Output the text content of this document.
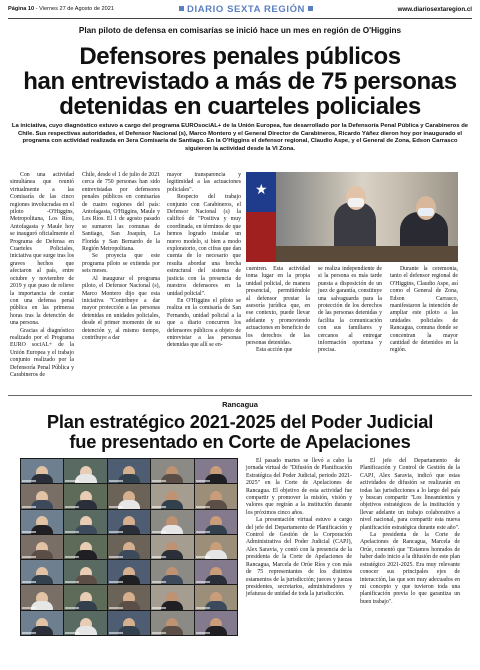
Página 10 - Viernes 27 de Agosto de 2021	DIARIO SEXTA REGIÓN	www.diariosextaregion.cl
Plan piloto de defensa en comisarías se inició hace un mes en región de O'Higgins
Defensores penales públicos
han entrevistado a más de 75 personas
detenidas en cuarteles policiales
La iniciativa, cuyo diagnóstico estuvo a cargo del programa EUROsociAL+ de la Unión Europea, fue desarrollado por la Defensoría Penal Pública y Carabineros de Chile. Sus respectivas autoridades, el Defensor Nacional (s), Marco Montero y el General Director de Carabineros, Ricardo Yáñez dieron hoy por inaugurado el programa con actividad realizada en 3era Comisaría de Santiago. En la O'Higgins el defensor regional, Claudio Aspe, y el General de Zona, Edson Carrasco siguieron la actividad desde la VI Zona.

Con una actividad simultánea que reunió virtualmente a las Comisaría de las cinco regiones involucradas en el piloto -O'Higgins, Metropolitana, Los Ríos, Antofagasta y Maule hoy se inauguró oficialmente el Programa de Defensa en Cuarteles Policiales, iniciativa que surge tras los graves hechos que afectaron al país, entre octubre y noviembre de 2019 y que puso de relieve la importancia de contar con una defensa penal pública en las primeras horas tras la detención de una persona.

Gracias al diagnóstico realizado por el Programa EURO sociAL+ de la Unión Europea y el trabajo conjunto realizado por la Defensoría Penal Pública y Carabineros de

Chile, desde el 1 de julio de 2021 cerca de 750 personas han sido entrevistadas por defensores penales públicos en comisarías de cuatro regiones del país: Antofagasta, O'Higgins, Maule y Los Ríos. El 1 de agosto pasado se sumaron las comunas de Santiago, San Joaquín, La Florida y San Bernardo de la Región Metropolitana.

Se proyecta que este programa piloto se extienda por seis meses.

Al inaugurar el programa piloto, el Defensor Nacional (s), Marco Montero dijo que esta iniciativa "Contribuye a dar mayor protección a las personas detenidas en unidades policiales, desde el primer momento de su detención y, al mismo tiempo, contribuye a dar

mayor transparencia y legitimidad a las actuaciones policiales".

Respecto del trabajo conjunto con Carabineros, el Defensor Nacional (s) la calificó de "Positiva y muy coordinada, en términos de que hemos logrado instalar un nuevo modelo, si bien a modo exploratorio, con cifras que dan cuenta de lo necesario que resulta abordar una brecha estructural del sistema de justicia con la presencia de nuestros defensores en la unidad policial".

En O'Higgins el piloto se realiza en la comisaría de San Fernando, unidad policial a la que a diario concurren los defensores públicos a objeto de entrevistar a las personas detenidas que allí se en-

★

cuentren. Esta actividad toma lugar en la propia unidad policial, de manera presencial, permitiéndole al defensor prestar la asesoría jurídica que, en ese contexto, puede llevar adelante y promoviendo actuaciones en beneficio de los derechos de las personas detenidas.

Esta acción que

se realiza independiente de si la persona es más tarde puesta a disposición de un juez de garantía, constituye una salvaguarda para la protección de los derechos de las personas detenidas y facilita la comunicación con sus familiares y cercanos al entregar información oportuna y precisa.

Durante la ceremonia, tanto el defensor regional de O'Higgins, Claudio Aspe, así como el General de Zona, Edson Carrasco, manifestaron la intención de ampliar este piloto a las unidades policiales de Rancagua, comuna donde se concentran la mayor cantidad de detenidos en la región.

Rancagua
Plan estratégico 2021-2025 del Poder Judicial
fue presentado en Corte de Apelaciones

El pasado martes se llevó a cabo la jornada virtual de "Difusión de Planificación Estratégica del Poder Judicial, periodo 2021-2025" en la Corte de Apelaciones de Rancagua. El objetivo de esta actividad fue compartir y promover la misión, visión y valores que regirán a la institución durante los próximos cinco años.

La presentación virtual estuvo a cargo del jefe del Departamento de Planificación y Control de Gestión de la Corporación Administrativa del Poder Judicial (CAPJ), Alex Saravia, y contó con la presencia de la presidenta de la Corte de Apelaciones de Rancagua, Marcela de Orúe Ríos y con más de 75 representantes de los distintos estamentos de la jurisdicción; jueces y juezas presidentes, secretarios, administradores y jefaturas de unidad de toda la jurisdicción.

El jefe del Departamento de Planificación y Control de Gestión de la CAPJ, Alex Saravia, indicó que estas actividades de difusión se realizarán en todas las jurisdicciones a lo largo del país y buscan compartir "Los lineamientos y objetivos estratégicos de la institución y llevar adelante un trabajo colaborativo a nivel nacional, para compartir esta nueva planificación estratégica durante este año".

La presidenta de la Corte de Apelaciones de Rancagua, Marcela de Orúe, comentó que "Estamos honrados de haber dado inicio a la difusión de este plan estratégico 2021-2025. Era muy relevante conocer sus principales ejes de interacción, las que son muy adecuados en mi concepto y que tuvieron toda una planificación previa lo que garantiza un buen trabajo".
